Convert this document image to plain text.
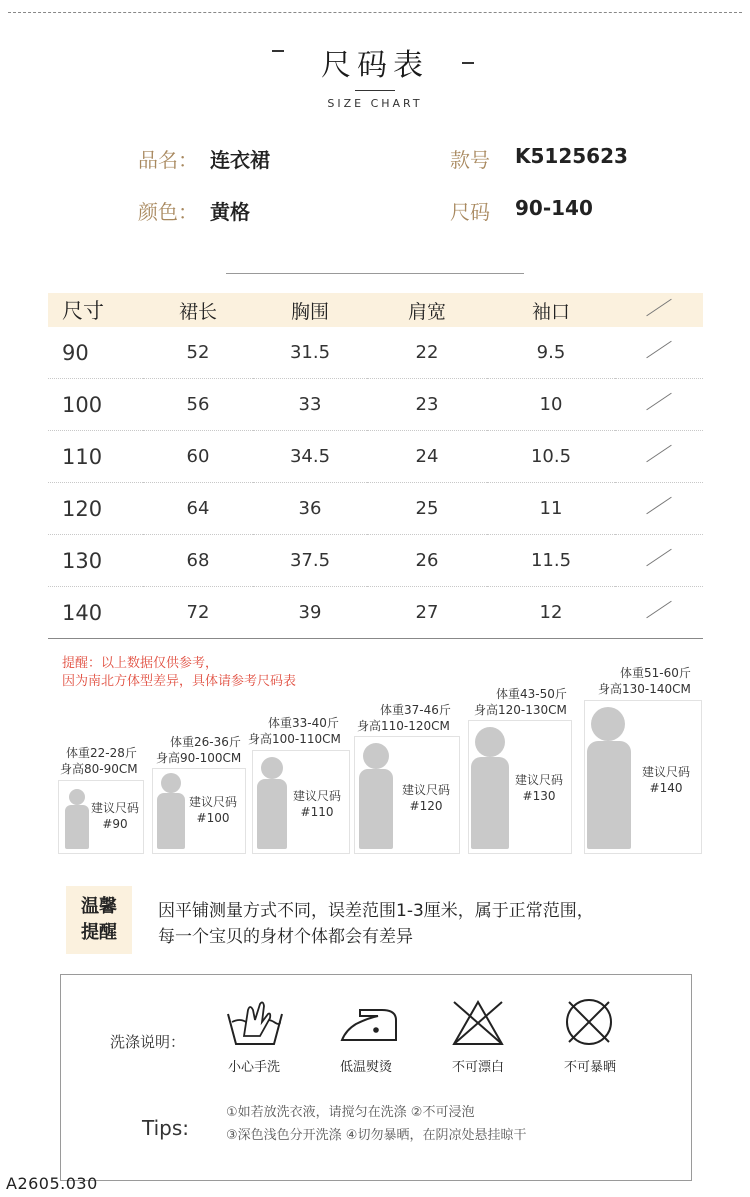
尺码表
SIZE CHART
品名： 连衣裙	款号 K5125623
颜色： 黄格	尺码 90-140
尺寸	裙长	胸围	肩宽	袖口	
90	52	31.5	22	9.5	
100	56	33	23	10	
110	60	34.5	24	10.5	
120	64	36	25	11	
130	68	37.5	26	11.5	
140	72	39	27	12	
提醒：以上数据仅供参考，
因为南北方体型差异，具体请参考尺码表
体重22-28斤
身高80-90CM
建议尺码
#90
体重26-36斤
身高90-100CM
建议尺码
#100
体重33-40斤
身高100-110CM
建议尺码
#110
体重37-46斤
身高110-120CM
建议尺码
#120
体重43-50斤
身高120-130CM
建议尺码
#130
体重51-60斤
身高130-140CM
建议尺码
#140
温馨
提醒
因平铺测量方式不同，误差范围1-3厘米，属于正常范围，
每一个宝贝的身材个体都会有差异
洗涤说明：
小心手洗	低温熨烫	不可漂白	不可暴晒
Tips:
①如若放洗衣液，请搅匀在洗涤 ②不可浸泡
③深色浅色分开洗涤 ④切勿暴晒，在阴凉处悬挂晾干
A2605.030
